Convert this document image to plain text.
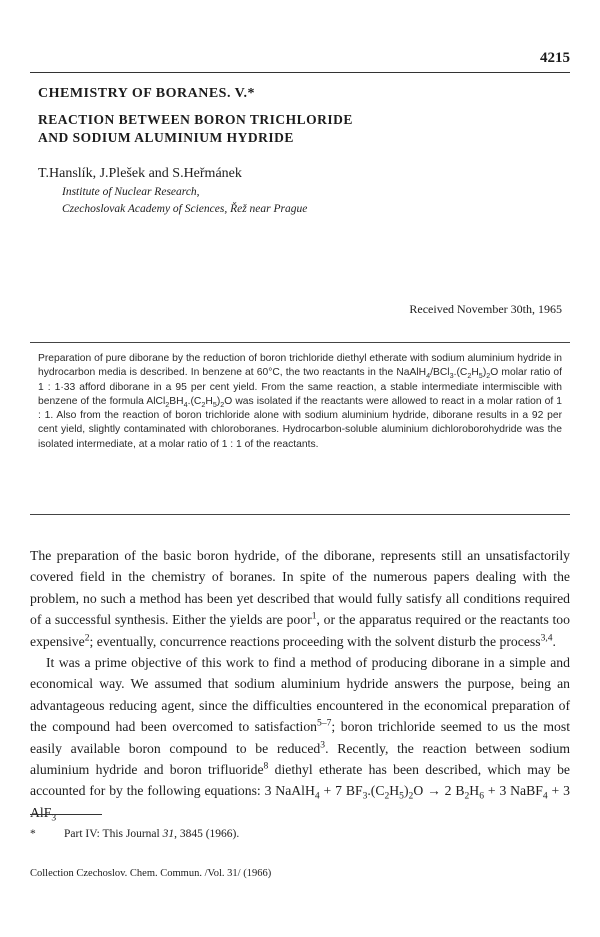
4215
CHEMISTRY OF BORANES. V.*
REACTION BETWEEN BORON TRICHLORIDE
AND SODIUM ALUMINIUM HYDRIDE
T.Hanslík, J.Plešek and S.Heřmánek
Institute of Nuclear Research,
Czechoslovak Academy of Sciences, Řež near Prague
Received November 30th, 1965
Preparation of pure diborane by the reduction of boron trichloride diethyl etherate with sodium aluminium hydride in hydrocarbon media is described. In benzene at 60°C, the two reactants in the $NaAlH_4/BCl_3.(C_2H_5)_2O$ molar ratio of 1 : 1·33 afford diborane in a 95 per cent yield. From the same reaction, a stable intermediate intermiscible with benzene of the formula $AlCl_2BH_4.(C_2H_5)_2O$ was isolated if the reactants were allowed to react in a molar ration of 1 : 1. Also from the reaction of boron trichloride alone with sodium aluminium hydride, diborane results in a 92 per cent yield, slightly contaminated with chloroboranes. Hydrocarbon-soluble aluminium dichloroborohydride was the isolated intermediate, at a molar ratio of 1 : 1 of the reactants.

The preparation of the basic boron hydride, of the diborane, represents still an unsatisfactorily covered field in the chemistry of boranes. In spite of the numerous papers dealing with the problem, no such a method has been yet described that would fully satisfy all conditions required of a successful synthesis. Either the yields are poor$^1$, or the apparatus required or the reactants too expensive$^2$; eventually, concurrence reactions proceeding with the solvent disturb the process$^{3,4}$.

It was a prime objective of this work to find a method of producing diborane in a simple and economical way. We assumed that sodium aluminium hydride answers the purpose, being an advantageous reducing agent, since the difficulties encountered in the economical preparation of the compound had been overcomed to satisfaction$^{5-7}$; boron trichloride seemed to us the most easily available boron compound to be reduced$^3$. Recently, the reaction between sodium aluminium hydride and boron trifluoride$^8$ diethyl etherate has been described, which may be accounted for by the following equations: 3 NaAlH$_4$ + 7 $BF_3.(C_2H_5)_2O \to 2$ $B_2H_6 + 3$ NaBF$_4$ + 3 AlF$_3$

* Part IV: This Journal 31, 3845 (1966).
Collection Czechoslov. Chem. Commun. /Vol. 31/ (1966)
